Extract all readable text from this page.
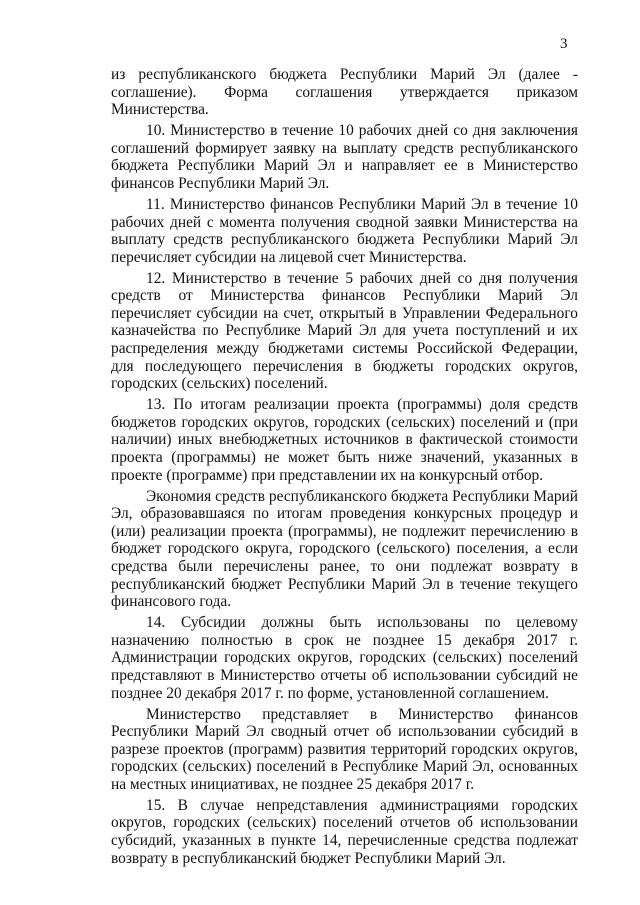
3

из республиканского бюджета Республики Марий Эл (далее - соглашение). Форма соглашения утверждается приказом Министерства.

10. Министерство в течение 10 рабочих дней со дня заключения соглашений формирует заявку на выплату средств республиканского бюджета Республики Марий Эл и направляет ее в Министерство финансов Республики Марий Эл.

11. Министерство финансов Республики Марий Эл в течение 10 рабочих дней с момента получения сводной заявки Министерства на выплату средств республиканского бюджета Республики Марий Эл перечисляет субсидии на лицевой счет Министерства.

12. Министерство в течение 5 рабочих дней со дня получения средств от Министерства финансов Республики Марий Эл перечисляет субсидии на счет, открытый в Управлении Федерального казначейства по Республике Марий Эл для учета поступлений и их распределения между бюджетами системы Российской Федерации, для последующего перечисления в бюджеты городских округов, городских (сельских) поселений.

13. По итогам реализации проекта (программы) доля средств бюджетов городских округов, городских (сельских) поселений и (при наличии) иных внебюджетных источников в фактической стоимости проекта (программы) не может быть ниже значений, указанных в проекте (программе) при представлении их на конкурсный отбор.

Экономия средств республиканского бюджета Республики Марий Эл, образовавшаяся по итогам проведения конкурсных процедур и (или) реализации проекта (программы), не подлежит перечислению в бюджет городского округа, городского (сельского) поселения, а если средства были перечислены ранее, то они подлежат возврату в республиканский бюджет Республики Марий Эл в течение текущего финансового года.

14. Субсидии должны быть использованы по целевому назначению полностью в срок не позднее 15 декабря 2017 г. Администрации городских округов, городских (сельских) поселений представляют в Министерство отчеты об использовании субсидий не позднее 20 декабря 2017 г. по форме, установленной соглашением.

Министерство представляет в Министерство финансов Республики Марий Эл сводный отчет об использовании субсидий в разрезе проектов (программ) развития территорий городских округов, городских (сельских) поселений в Республике Марий Эл, основанных на местных инициативах, не позднее 25 декабря 2017 г.

15. В случае непредставления администрациями городских округов, городских (сельских) поселений отчетов об использовании субсидий, указанных в пункте 14, перечисленные средства подлежат возврату в республиканский бюджет Республики Марий Эл.
